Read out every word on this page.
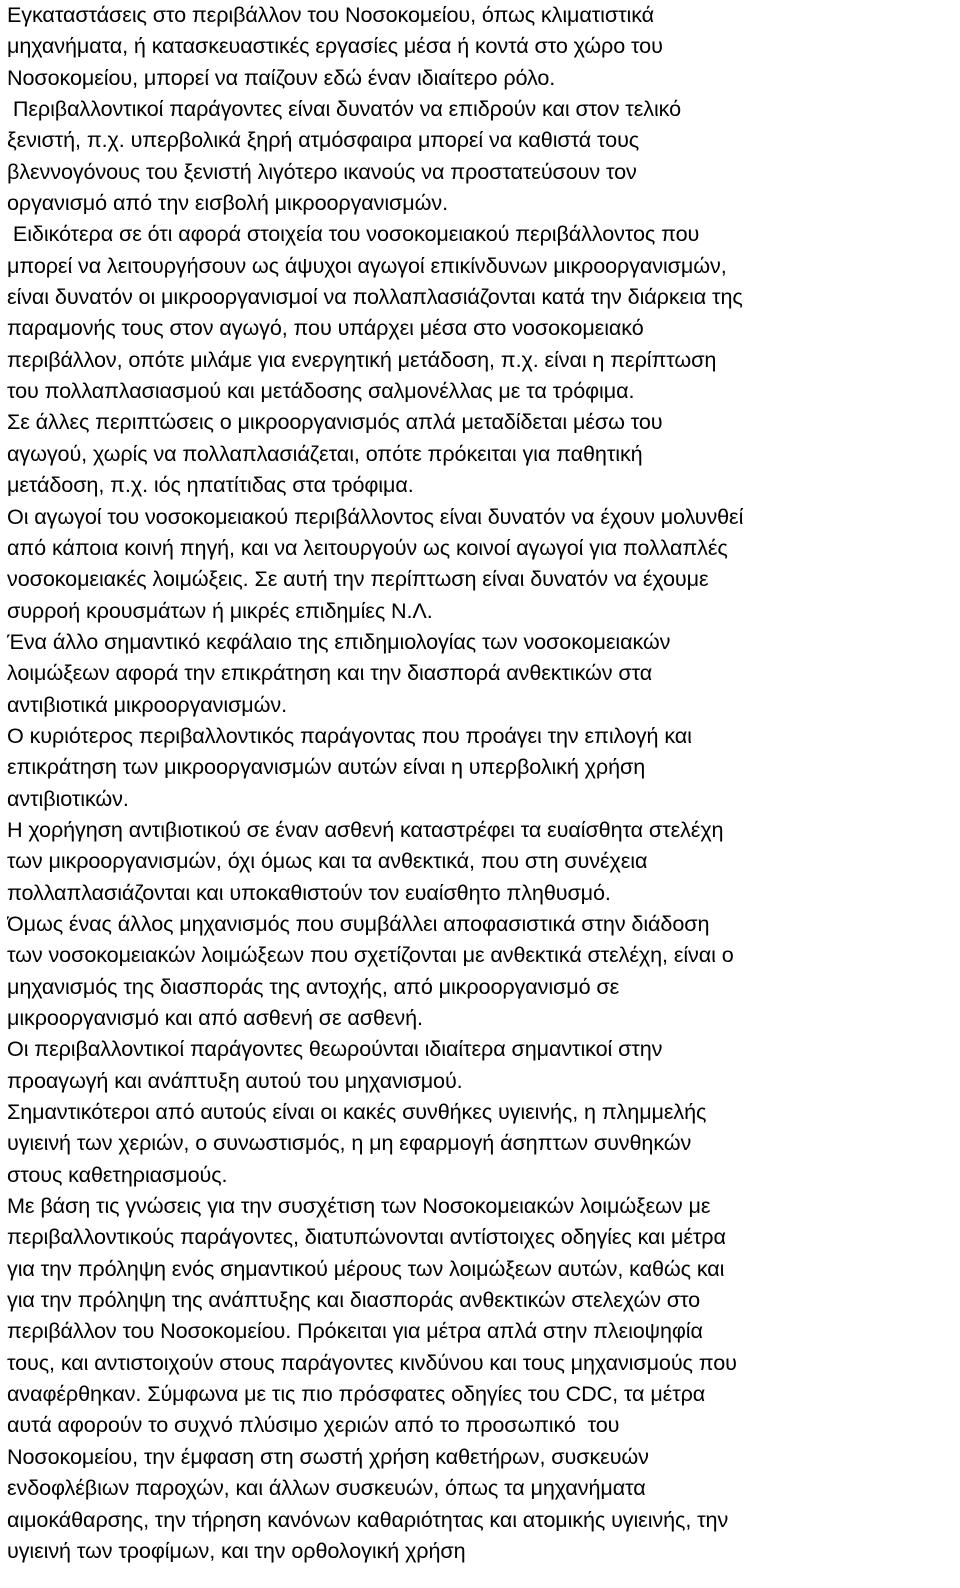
Εγκαταστάσεις στο περιβάλλον του Νοσοκομείου, όπως κλιματιστικά
μηχανήματα, ή κατασκευαστικές εργασίες μέσα ή κοντά στο χώρο του
Νοσοκομείου, μπορεί να παίζουν εδώ έναν ιδιαίτερο ρόλο.
Περιβαλλοντικοί παράγοντες είναι δυνατόν να επιδρούν και στον τελικό
ξενιστή, π.χ. υπερβολικά ξηρή ατμόσφαιρα μπορεί να καθιστά τους
βλεννογόνους του ξενιστή λιγότερο ικανούς να προστατεύσουν τον
οργανισμό από την εισβολή μικροοργανισμών.
Ειδικότερα σε ότι αφορά στοιχεία του νοσοκομειακού περιβάλλοντος που
μπορεί να λειτουργήσουν ως άψυχοι αγωγοί επικίνδυνων μικροοργανισμών,
είναι δυνατόν οι μικροοργανισμοί να πολλαπλασιάζονται κατά την διάρκεια της
παραμονής τους στον αγωγό, που υπάρχει μέσα στο νοσοκομειακό
περιβάλλον, οπότε μιλάμε για ενεργητική μετάδοση, π.χ. είναι η περίπτωση
του πολλαπλασιασμού και μετάδοσης σαλμονέλλας με τα τρόφιμα.
Σε άλλες περιπτώσεις ο μικροοργανισμός απλά μεταδίδεται μέσω του
αγωγού, χωρίς να πολλαπλασιάζεται, οπότε πρόκειται για παθητική
μετάδοση, π.χ. ιός ηπατίτιδας στα τρόφιμα.
Οι αγωγοί του νοσοκομειακού περιβάλλοντος είναι δυνατόν να έχουν μολυνθεί
από κάποια κοινή πηγή, και να λειτουργούν ως κοινοί αγωγοί για πολλαπλές
νοσοκομειακές λοιμώξεις. Σε αυτή την περίπτωση είναι δυνατόν να έχουμε
συρροή κρουσμάτων ή μικρές επιδημίες Ν.Λ.
Ένα άλλο σημαντικό κεφάλαιο της επιδημιολογίας των νοσοκομειακών
λοιμώξεων αφορά την επικράτηση και την διασπορά ανθεκτικών στα
αντιβιοτικά μικροοργανισμών.
Ο κυριότερος περιβαλλοντικός παράγοντας που προάγει την επιλογή και
επικράτηση των μικροοργανισμών αυτών είναι η υπερβολική χρήση
αντιβιοτικών.
Η χορήγηση αντιβιοτικού σε έναν ασθενή καταστρέφει τα ευαίσθητα στελέχη
των μικροοργανισμών, όχι όμως και τα ανθεκτικά, που στη συνέχεια
πολλαπλασιάζονται και υποκαθιστούν τον ευαίσθητο πληθυσμό.
Όμως ένας άλλος μηχανισμός που συμβάλλει αποφασιστικά στην διάδοση
των νοσοκομειακών λοιμώξεων που σχετίζονται με ανθεκτικά στελέχη, είναι ο
μηχανισμός της διασποράς της αντοχής, από μικροοργανισμό σε
μικροοργανισμό και από ασθενή σε ασθενή.
Οι περιβαλλοντικοί παράγοντες θεωρούνται ιδιαίτερα σημαντικοί στην
προαγωγή και ανάπτυξη αυτού του μηχανισμού.
Σημαντικότεροι από αυτούς είναι οι κακές συνθήκες υγιεινής, η πλημμελής
υγιεινή των χεριών, ο συνωστισμός, η μη εφαρμογή άσηπτων συνθηκών
στους καθετηριασμούς.
Με βάση τις γνώσεις για την συσχέτιση των Νοσοκομειακών λοιμώξεων με
περιβαλλοντικούς παράγοντες, διατυπώνονται αντίστοιχες οδηγίες και μέτρα
για την πρόληψη ενός σημαντικού μέρους των λοιμώξεων αυτών, καθώς και
για την πρόληψη της ανάπτυξης και διασποράς ανθεκτικών στελεχών στο
περιβάλλον του Νοσοκομείου. Πρόκειται για μέτρα απλά στην πλειοψηφία
τους, και αντιστοιχούν στους παράγοντες κινδύνου και τους μηχανισμούς που
αναφέρθηκαν. Σύμφωνα με τις πιο πρόσφατες οδηγίες του CDC, τα μέτρα
αυτά αφορούν το συχνό πλύσιμο χεριών από το προσωπικό  του
Νοσοκομείου, την έμφαση στη σωστή χρήση καθετήρων, συσκευών
ενδοφλέβιων παροχών, και άλλων συσκευών, όπως τα μηχανήματα
αιμοκάθαρσης, την τήρηση κανόνων καθαριότητας και ατομικής υγιεινής, την
υγιεινή των τροφίμων, και την ορθολογική χρήση
